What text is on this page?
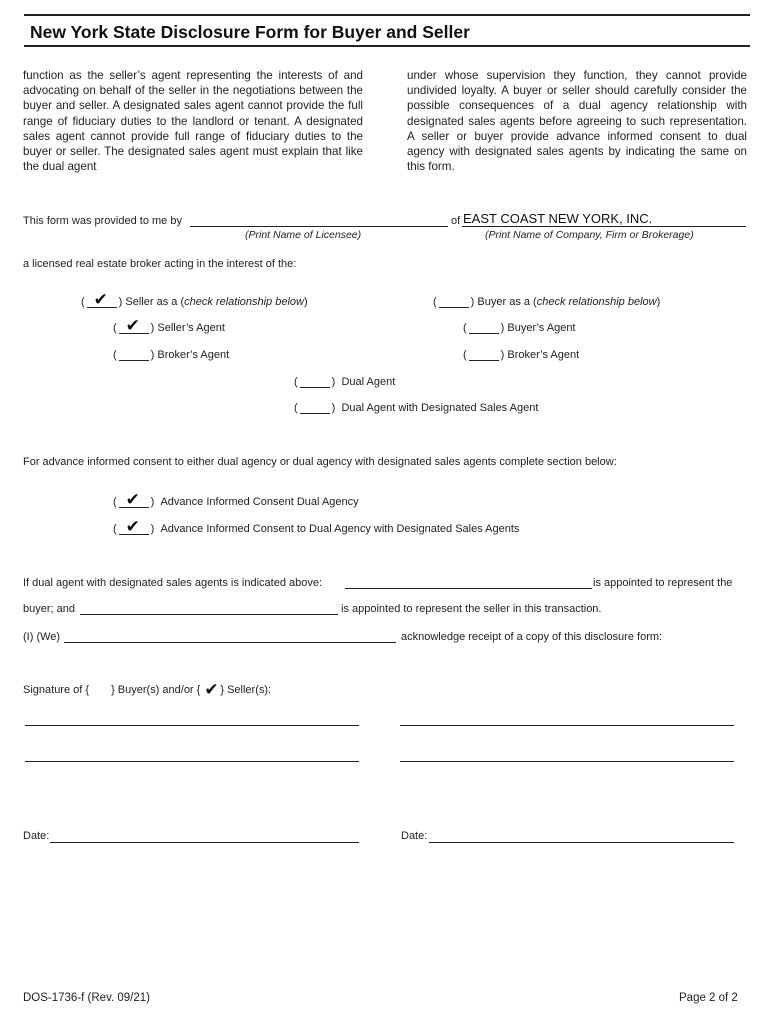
New York State Disclosure Form for Buyer and Seller
function as the seller’s agent representing the interests of and advocating on behalf of the seller in the negotiations between the buyer and seller. A designated sales agent cannot provide the full range of fiduciary duties to the landlord or tenant. A designated sales agent cannot provide full range of fiduciary duties to the buyer or seller. The designated sales agent must explain that like the dual agent
under whose supervision they function, they cannot provide undivided loyalty. A buyer or seller should carefully consider the possible consequences of a dual agency relationship with designated sales agents before agreeing to such representation. A seller or buyer provide advance informed consent to dual agency with designated sales agents by indicating the same on this form.
This form was provided to me by	of EAST COAST NEW YORK, INC.
(Print Name of Licensee)	(Print Name of Company, Firm or Brokerage)
a licensed real estate broker acting in the interest of the:
( ✔ )
Seller as a ( check relationship below )
( ✔ )
Seller’s Agent
(	)
Broker’s Agent
(	)
Buyer as a ( check relationship below )
(	)
Buyer’s Agent
(	)
Broker’s Agent
(	)
Dual Agent
(	)
Dual Agent with Designated Sales Agent
For advance informed consent to either dual agency or dual agency with designated sales agents complete section below:
( ✔ )
Advance Informed Consent Dual Agency
( ✔ )
Advance Informed Consent to Dual Agency with Designated Sales Agents
If dual agent with designated sales agents is indicated above:	is appointed to represent the
buyer; and	is appointed to represent the seller in this transaction.
(I) (We)	acknowledge receipt of a copy of this disclosure form:
Signature of { } Buyer(s) and/or { ✔ } Seller(s):
Date:	Date:
DOS-1736-f (Rev. 09/21)	Page 2 of 2
